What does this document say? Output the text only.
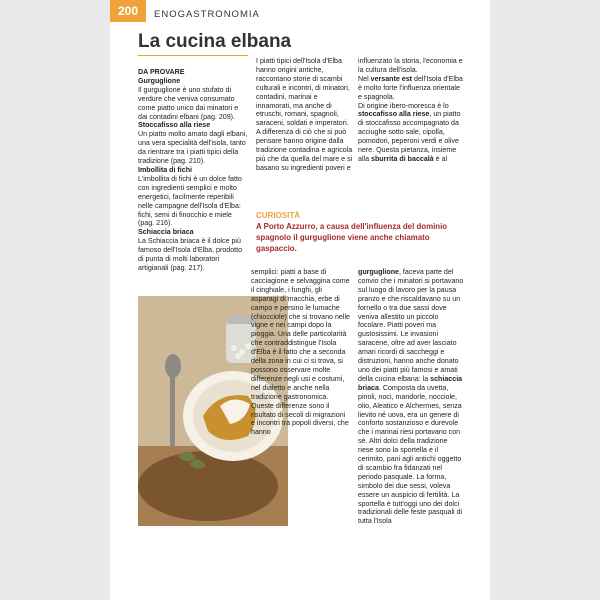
200	ENOGASTRONOMIA
La cucina elbana

DA PROVARE

Gurguglione

Il gurguglione è uno stufato di verdure che veniva consumato come piatto unico dai minatori e dai contadini elbani (pag. 209).

Stoccafisso alla riese

Un piatto molto amato dagli elbani, una vera specialità dell'isola, tanto da rientrare tra i piatti tipici della tradizione (pag. 210).

Imbollita di fichi

L'imbollita di fichi è un dolce fatto con ingredienti semplici e molto energetici, facilmente reperibili nelle campagne dell'Isola d'Elba: fichi, semi di finocchio e miele (pag. 216).

Schiaccia briaca

La Schiaccia briaca è il dolce più famoso dell'Isola d'Elba, prodotto di punta di molti laboratori artigianali (pag. 217).

I piatti tipici dell'Isola d'Elba hanno origini antiche, raccontano storie di scambi culturali e incontri, di minatori, contadini, marinai e innamorati, ma anche di etruschi, romani, spagnoli, saraceni, soldati e imperatori.

A differenza di ciò che si può pensare hanno origine dalla tradizione contadina e agricola più che da quella del mare e si basano su ingredienti poveri e

influenzato la storia, l'economia e la cultura dell'isola.

Nel versante est dell'Isola d'Elba è molto forte l'influenza orientale e spagnola.

Di origine ibero-moresca è lo stoccafisso alla riese, un piatto di stoccafisso accompagnato da acciughe sotto sale, cipolla, pomodori, peperoni verdi e olive nere. Questa pietanza, insieme alla sburrita di baccalà è al

CURIOSITÀ
A Porto Azzurro, a causa dell'influenza del dominio spagnolo il gurguglione viene anche chiamato gaspaccio.

semplici: piatti a base di cacciagione e selvaggina come il cinghiale, i funghi, gli asparagi di macchia, erbe di campo e persino le lumache (chiocciole) che si trovano nelle vigne e nei campi dopo la pioggia. Una delle particolarità che contraddistingue l'Isola d'Elba è il fatto che a seconda della zona in cui ci si trova, si possono osservare molte differenze negli usi e costumi, nel dialetto e anche nella tradizione gastronomica. Queste differenze sono il risultato di secoli di migrazioni e incontri tra popoli diversi, che hanno

gurguglione, faceva parte del convio che i minatori si portavano sul luogo di lavoro per la pausa pranzo e che riscaldavano su un fornello o tra due sassi dove veniva allestito un piccolo focolare. Piatti poveri ma gustosissimi. Le invasioni saracene, oltre ad aver lasciato amari ricordi di saccheggi e distruzioni, hanno anche donato uno dei piatti più famosi e amati della cucina elbana: la schiaccia briaca. Composta da uvetta, pinoli, noci, mandorle, nocciole, olio, Aleatico e Alchermes, senza lievito né uova, era un genere di conforto sostanzioso e durevole che i marinai riesi portavano con sé. Altri dolci della tradizione riese sono la sportella e il cerimito, pani agli antichi oggetto di scambio fra fidanzati nel periodo pasquale. La forma, simbolo dei due sessi, voleva essere un auspicio di fertilità. La sportella è tutt'oggi uno dei dolci tradizionali delle feste pasquali di tutta l'Isola
